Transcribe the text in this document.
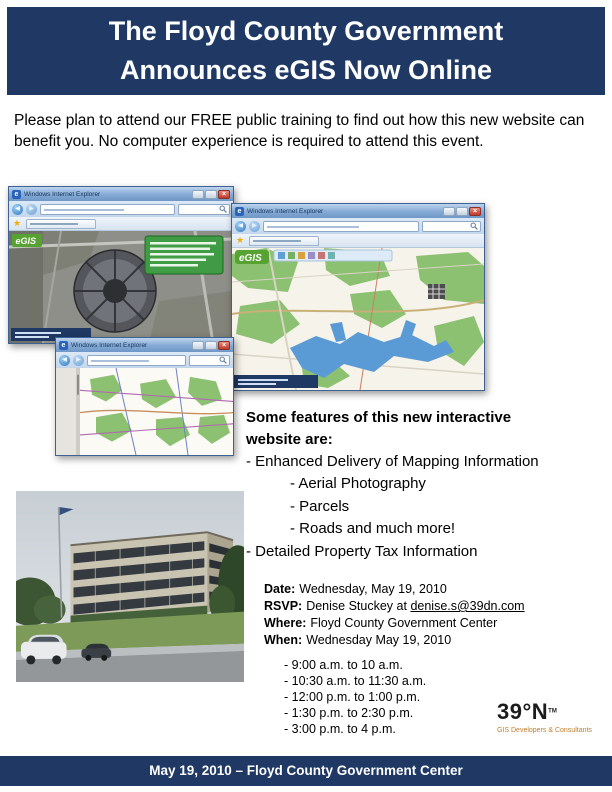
The Floyd County Government
Announces eGIS Now Online

Please plan to attend our FREE public training to find out how this new website can benefit you. No computer experience is required to attend this event.

e Windows Internet Explorer	×
◀	▶
★
eGIS
e Windows Internet Explorer	×
◀	▶
★
eGIS
e Windows Internet Explorer	×
◀	▶
Some features of this new interactive website are:
- Enhanced Delivery of Mapping Information
- Aerial Photography
- Parcels
- Roads and much more!
- Detailed Property Tax Information
Date: Wednesday, May 19, 2010
RSVP: Denise Stuckey at denise.s@39dn.com
Where: Floyd County Government Center
When: Wednesday May 19, 2010
- 9:00 a.m. to 10 a.m.
- 10:30 a.m. to 11:30 a.m.
- 12:00 p.m. to 1:00 p.m.
- 1:30 p.m. to 2:30 p.m.
- 3:00 p.m. to 4 p.m.
39°N™
GIS Developers & Consultants
May 19, 2010 – Floyd County Government Center
